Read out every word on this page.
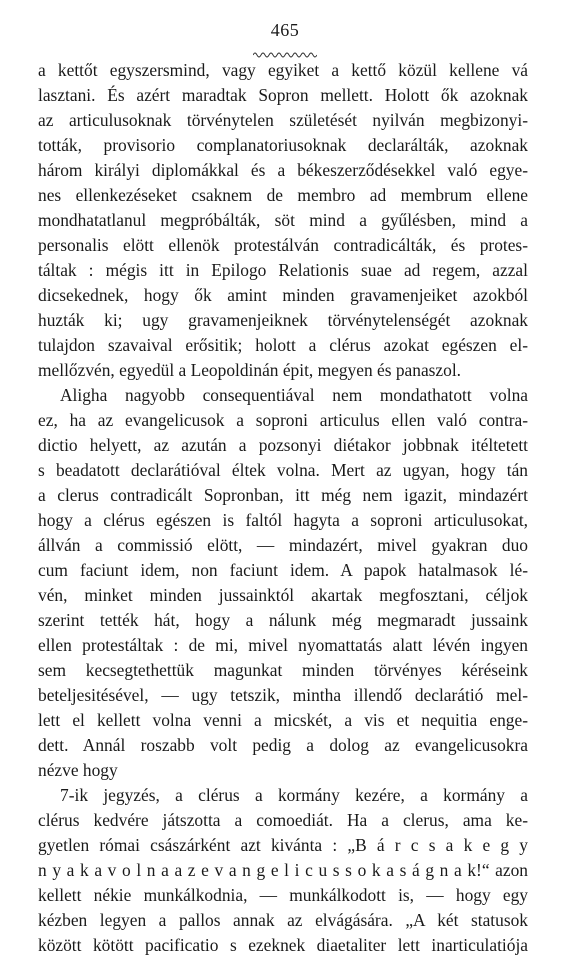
465
a kettőt egyszersmind, vagy egyiket a kettő közül kellene vá
lasztani. És azért maradtak Sopron mellett. Holott ők azoknak
az articulusoknak törvénytelen születését nyilván megbizonyi-
tották, provisorio complanatoriusoknak declarálták, azoknak
három királyi diplomákkal és a békeszerződésekkel való egye-
nes ellenkezéseket csaknem de membro ad membrum ellene
mondhatatlanul megpróbálták, söt mind a gyűlésben, mind a
personalis elött ellenök protestálván contradicálták, és protes-
táltak : mégis itt in Epilogo Relationis suae ad regem, azzal
dicsekednek, hogy ők amint minden gravamenjeiket azokból
huzták ki; ugy gravamenjeiknek törvénytelenségét azoknak
tulajdon szavaival erősitik; holott a clérus azokat egészen el-
mellőzvén, egyedül a Leopoldinán épit, megyen és panaszol.
Aligha nagyobb consequentiával nem mondathatott volna
ez, ha az evangelicusok a soproni articulus ellen való contra-
dictio helyett, az azután a pozsonyi diétakor jobbnak itéltetett
s beadatott declarátióval éltek volna. Mert az ugyan, hogy tán
a clerus contradicált Sopronban, itt még nem igazit, mindazért
hogy a clérus egészen is faltól hagyta a soproni articulusokat,
állván a commissió elött, — mindazért, mivel gyakran duo
cum faciunt idem, non faciunt idem. A papok hatalmasok lé-
vén, minket minden jussainktól akartak megfosztani, céljok
szerint tették hát, hogy a nálunk még megmaradt jussaink
ellen protestáltak : de mi, mivel nyomattatás alatt lévén ingyen
sem kecsegtethettük magunkat minden törvényes kéréseink
beteljesitésével, — ugy tetszik, mintha illendő declarátió mel-
lett el kellett volna venni a micskét, a vis et nequitia enge-
dett. Annál roszabb volt pedig a dolog az evangelicusokra
nézve hogy
7-ik jegyzés, a clérus a kormány kezére, a kormány a
clérus kedvére játszotta a comoediát. Ha a clerus, ama ke-
gyetlen római császárként azt kivánta : „B á r c s a k e g y
n y a k a v o l n a a z e v a n g e l i c u s s o k a s á g n a k!“ azon
kellett nékie munkálkodnia, — munkálkodott is, — hogy egy
kézben legyen a pallos annak az elvágására. „A két statusok
között kötött pacificatio s ezeknek diaetaliter lett inarticulatiója
